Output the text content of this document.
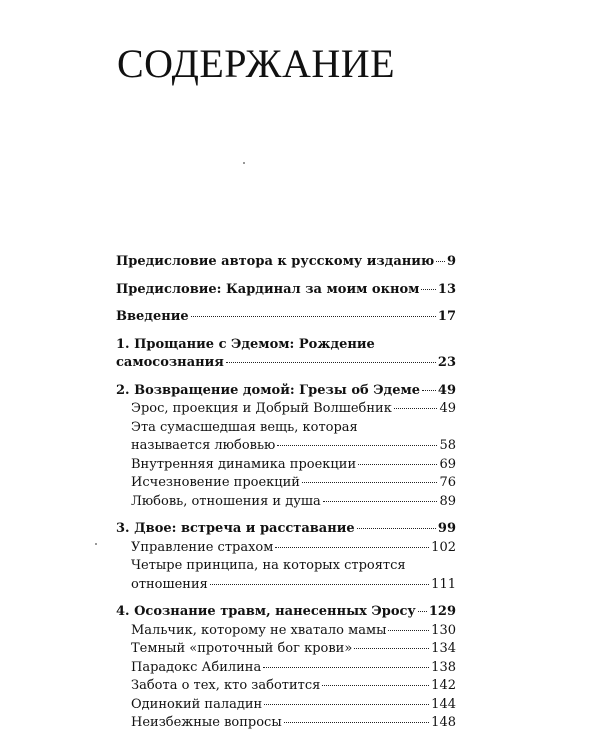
СОДЕРЖАНИЕ
Предисловие автора к русскому изданию 9
Предисловие: Кардинал за моим окном 13
Введение	17
1. Прощание с Эдемом: Рождение
самосознания	23
2. Возвращение домой: Грезы об Эдеме 49
Эрос, проекция и Добрый Волшебник	49
Эта сумасшедшая вещь, которая
называется любовью	58
Внутренняя динамика проекции	69
Исчезновение проекций	76
Любовь, отношения и душа	89
3. Двое: встреча и расставание	99
Управление страхом	102
Четыре принципа, на которых строятся
отношения	111
4. Осознание травм, нанесенных Эросу 129
Мальчик, которому не хватало мамы	130
Темный «проточный бог крови»	134
Парадокс Абилина	138
Забота о тех, кто заботится	142
Одинокий паладин	144
Неизбежные вопросы	148
